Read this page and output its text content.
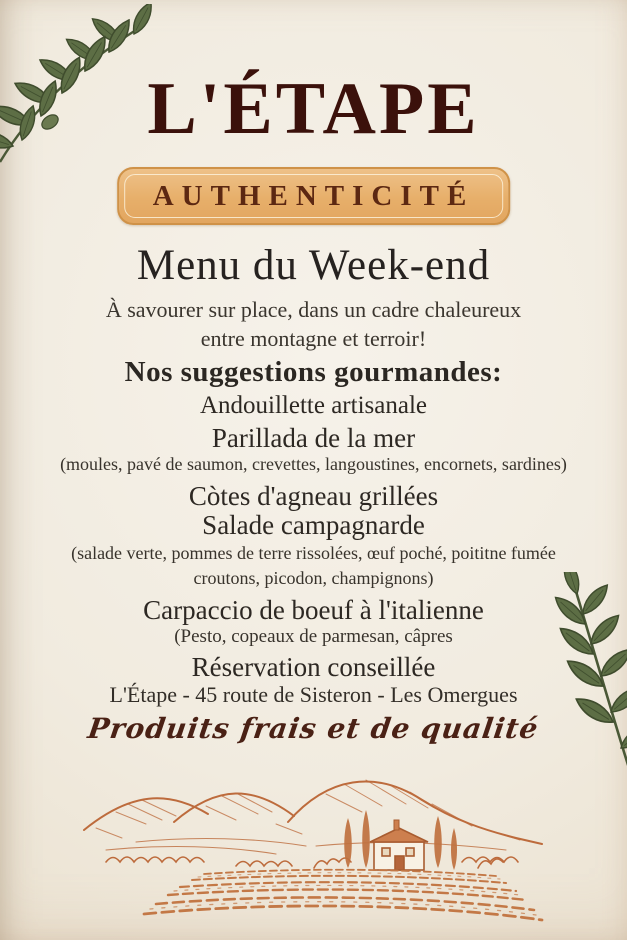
L'ÉTAPE
AUTHENTICITÉ
Menu du Week-end
À savourer sur place, dans un cadre chaleureux
entre montagne et terroir!
Nos suggestions gourmandes:
Andouillette artisanale
Parillada de la mer
(moules, pavé de saumon, crevettes, langoustines, encornets, sardines)
Còtes d'agneau grillées
Salade campagnarde
(salade verte, pommes de terre rissolées, œuf poché, poititne fumée
croutons, picodon, champignons)
Carpaccio de boeuf à l'italienne
(Pesto, copeaux de parmesan, câpres
Réservation conseillée
L'Étape - 45 route de Sisteron - Les Omergues
Produits frais et de qualité
